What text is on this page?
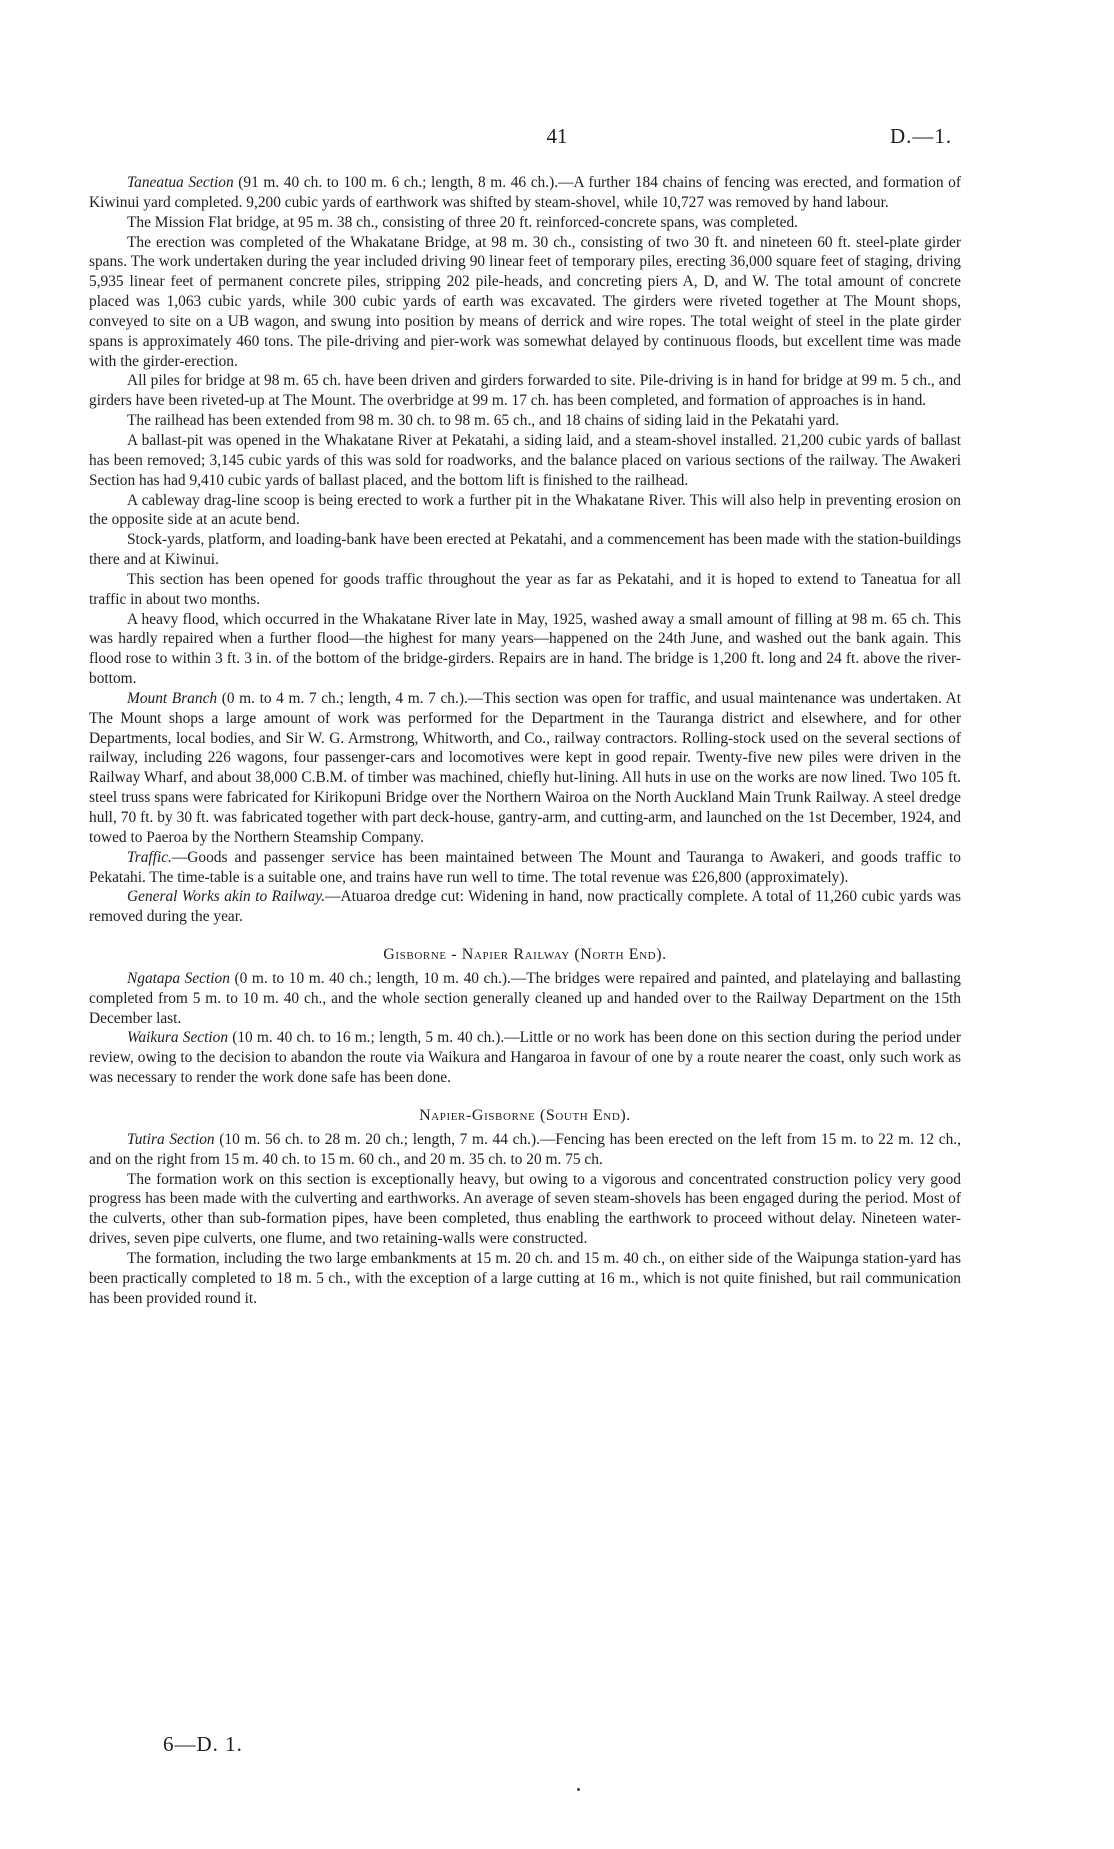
41	D.—1.

Taneatua Section (91 m. 40 ch. to 100 m. 6 ch.; length, 8 m. 46 ch.).—A further 184 chains of fencing was erected, and formation of Kiwinui yard completed. 9,200 cubic yards of earthwork was shifted by steam-shovel, while 10,727 was removed by hand labour.

The Mission Flat bridge, at 95 m. 38 ch., consisting of three 20 ft. reinforced-concrete spans, was completed.

The erection was completed of the Whakatane Bridge, at 98 m. 30 ch., consisting of two 30 ft. and nineteen 60 ft. steel-plate girder spans. The work undertaken during the year included driving 90 linear feet of temporary piles, erecting 36,000 square feet of staging, driving 5,935 linear feet of permanent concrete piles, stripping 202 pile-heads, and concreting piers A, D, and W. The total amount of concrete placed was 1,063 cubic yards, while 300 cubic yards of earth was excavated. The girders were riveted together at The Mount shops, conveyed to site on a UB wagon, and swung into position by means of derrick and wire ropes. The total weight of steel in the plate girder spans is approximately 460 tons. The pile-driving and pier-work was somewhat delayed by continuous floods, but excellent time was made with the girder-erection.

All piles for bridge at 98 m. 65 ch. have been driven and girders forwarded to site. Pile-driving is in hand for bridge at 99 m. 5 ch., and girders have been riveted-up at The Mount. The overbridge at 99 m. 17 ch. has been completed, and formation of approaches is in hand.

The railhead has been extended from 98 m. 30 ch. to 98 m. 65 ch., and 18 chains of siding laid in the Pekatahi yard.

A ballast-pit was opened in the Whakatane River at Pekatahi, a siding laid, and a steam-shovel installed. 21,200 cubic yards of ballast has been removed; 3,145 cubic yards of this was sold for roadworks, and the balance placed on various sections of the railway. The Awakeri Section has had 9,410 cubic yards of ballast placed, and the bottom lift is finished to the railhead.

A cableway drag-line scoop is being erected to work a further pit in the Whakatane River. This will also help in preventing erosion on the opposite side at an acute bend.

Stock-yards, platform, and loading-bank have been erected at Pekatahi, and a commencement has been made with the station-buildings there and at Kiwinui.

This section has been opened for goods traffic throughout the year as far as Pekatahi, and it is hoped to extend to Taneatua for all traffic in about two months.

A heavy flood, which occurred in the Whakatane River late in May, 1925, washed away a small amount of filling at 98 m. 65 ch. This was hardly repaired when a further flood—the highest for many years—happened on the 24th June, and washed out the bank again. This flood rose to within 3 ft. 3 in. of the bottom of the bridge-girders. Repairs are in hand. The bridge is 1,200 ft. long and 24 ft. above the river-bottom.

Mount Branch (0 m. to 4 m. 7 ch.; length, 4 m. 7 ch.).—This section was open for traffic, and usual maintenance was undertaken. At The Mount shops a large amount of work was performed for the Department in the Tauranga district and elsewhere, and for other Departments, local bodies, and Sir W. G. Armstrong, Whitworth, and Co., railway contractors. Rolling-stock used on the several sections of railway, including 226 wagons, four passenger-cars and locomotives were kept in good repair. Twenty-five new piles were driven in the Railway Wharf, and about 38,000 C.B.M. of timber was machined, chiefly hut-lining. All huts in use on the works are now lined. Two 105 ft. steel truss spans were fabricated for Kirikopuni Bridge over the Northern Wairoa on the North Auckland Main Trunk Railway. A steel dredge hull, 70 ft. by 30 ft. was fabricated together with part deck-house, gantry-arm, and cutting-arm, and launched on the 1st December, 1924, and towed to Paeroa by the Northern Steamship Company.

Traffic.—Goods and passenger service has been maintained between The Mount and Tauranga to Awakeri, and goods traffic to Pekatahi. The time-table is a suitable one, and trains have run well to time. The total revenue was £26,800 (approximately).

General Works akin to Railway.—Atuaroa dredge cut: Widening in hand, now practically complete. A total of 11,260 cubic yards was removed during the year.

Gisborne - Napier Railway (North End).

Ngatapa Section (0 m. to 10 m. 40 ch.; length, 10 m. 40 ch.).—The bridges were repaired and painted, and platelaying and ballasting completed from 5 m. to 10 m. 40 ch., and the whole section generally cleaned up and handed over to the Railway Department on the 15th December last.

Waikura Section (10 m. 40 ch. to 16 m.; length, 5 m. 40 ch.).—Little or no work has been done on this section during the period under review, owing to the decision to abandon the route via Waikura and Hangaroa in favour of one by a route nearer the coast, only such work as was necessary to render the work done safe has been done.

Napier-Gisborne (South End).

Tutira Section (10 m. 56 ch. to 28 m. 20 ch.; length, 7 m. 44 ch.).—Fencing has been erected on the left from 15 m. to 22 m. 12 ch., and on the right from 15 m. 40 ch. to 15 m. 60 ch., and 20 m. 35 ch. to 20 m. 75 ch.

The formation work on this section is exceptionally heavy, but owing to a vigorous and concentrated construction policy very good progress has been made with the culverting and earthworks. An average of seven steam-shovels has been engaged during the period. Most of the culverts, other than sub-formation pipes, have been completed, thus enabling the earthwork to proceed without delay. Nineteen water-drives, seven pipe culverts, one flume, and two retaining-walls were constructed.

The formation, including the two large embankments at 15 m. 20 ch. and 15 m. 40 ch., on either side of the Waipunga station-yard has been practically completed to 18 m. 5 ch., with the exception of a large cutting at 16 m., which is not quite finished, but rail communication has been provided round it.

6—D. 1.
